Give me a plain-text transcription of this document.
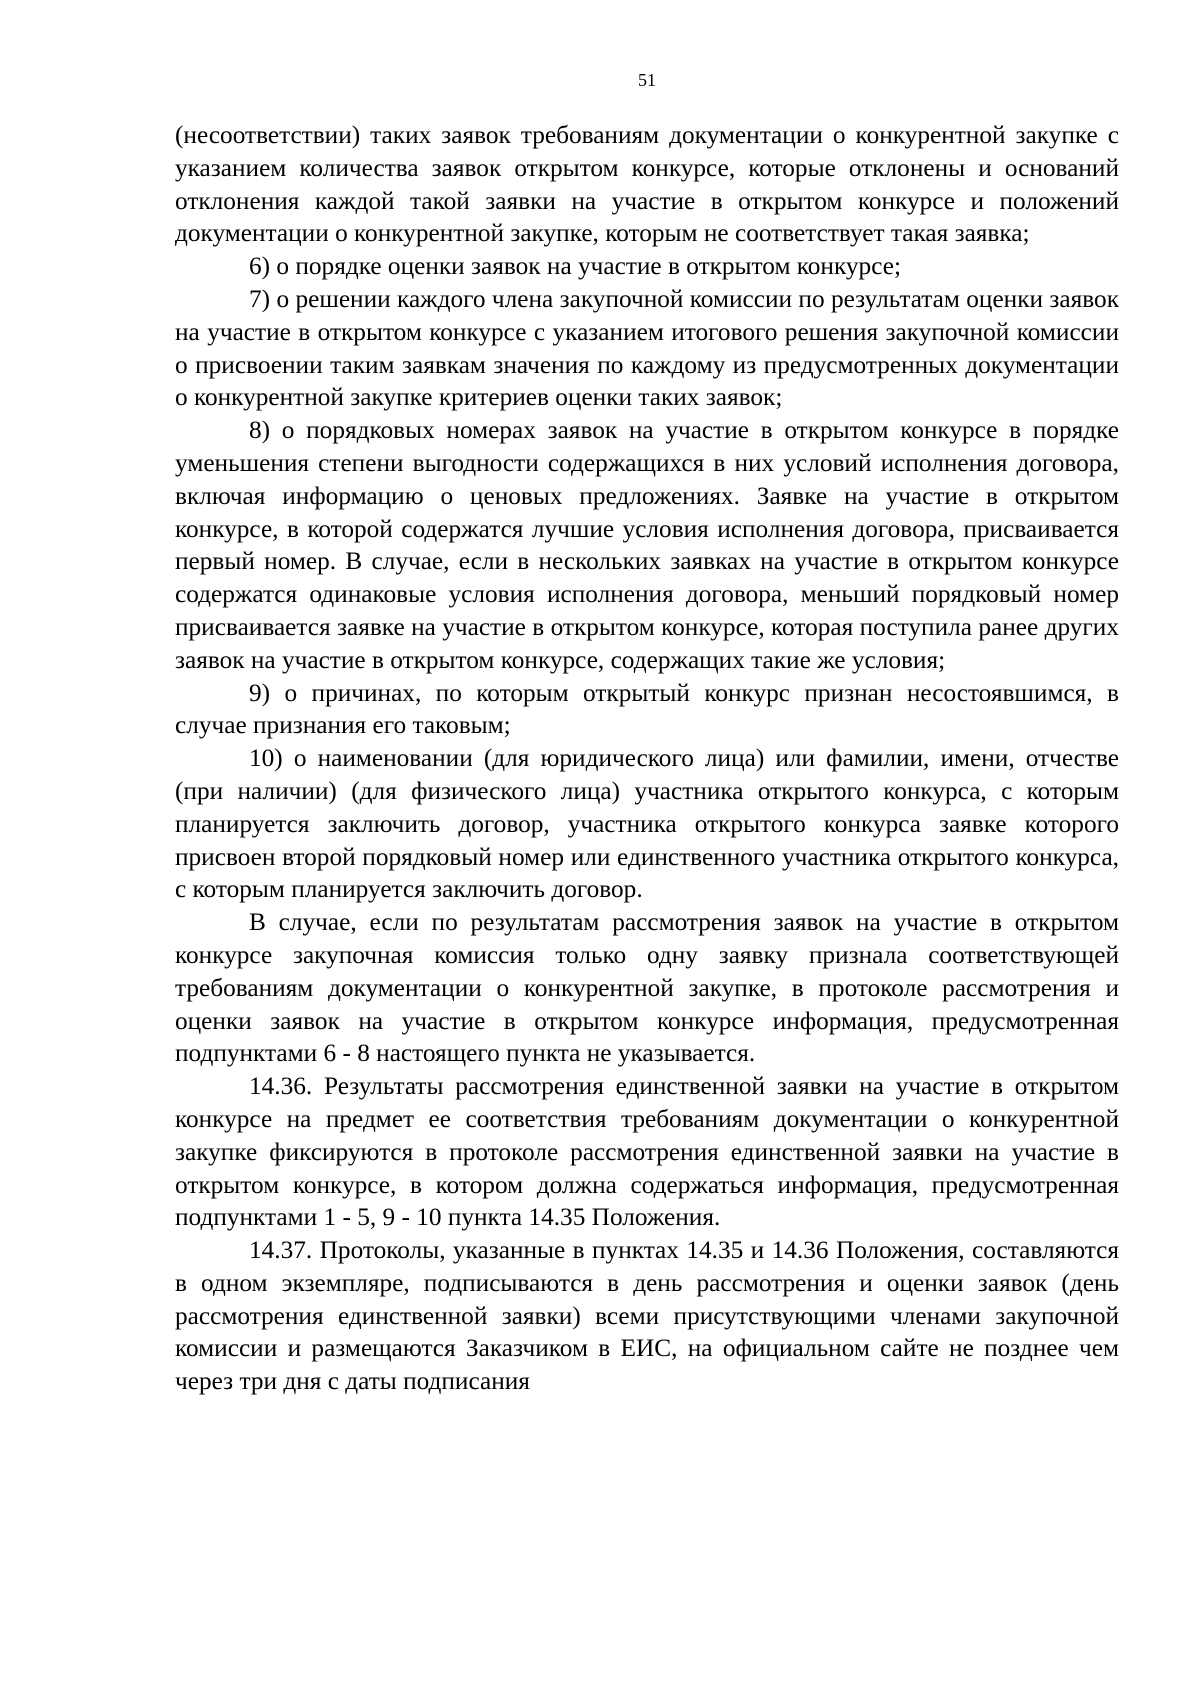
51

(несоответствии) таких заявок требованиям документации о конкурентной закупке с указанием количества заявок открытом конкурсе, которые отклонены и оснований отклонения каждой такой заявки на участие в открытом конкурсе и положений документации о конкурентной закупке, которым не соответствует такая заявка;

6) о порядке оценки заявок на участие в открытом конкурсе;

7) о решении каждого члена закупочной комиссии по результатам оценки заявок на участие в открытом конкурсе с указанием итогового решения закупочной комиссии о присвоении таким заявкам значения по каждому из предусмотренных документации о конкурентной закупке критериев оценки таких заявок;

8) о порядковых номерах заявок на участие в открытом конкурсе в порядке уменьшения степени выгодности содержащихся в них условий исполнения договора, включая информацию о ценовых предложениях. Заявке на участие в открытом конкурсе, в которой содержатся лучшие условия исполнения договора, присваивается первый номер. В случае, если в нескольких заявках на участие в открытом конкурсе содержатся одинаковые условия исполнения договора, меньший порядковый номер присваивается заявке на участие в открытом конкурсе, которая поступила ранее других заявок на участие в открытом конкурсе, содержащих такие же условия;

9) о причинах, по которым открытый конкурс признан несостоявшимся, в случае признания его таковым;

10) о наименовании (для юридического лица) или фамилии, имени, отчестве (при наличии) (для физического лица) участника открытого конкурса, с которым планируется заключить договор, участника открытого конкурса заявке которого присвоен второй порядковый номер или единственного участника открытого конкурса, с которым планируется заключить договор.

В случае, если по результатам рассмотрения заявок на участие в открытом конкурсе закупочная комиссия только одну заявку признала соответствующей требованиям документации о конкурентной закупке, в протоколе рассмотрения и оценки заявок на участие в открытом конкурсе информация, предусмотренная подпунктами 6 - 8 настоящего пункта не указывается.

14.36. Результаты рассмотрения единственной заявки на участие в открытом конкурсе на предмет ее соответствия требованиям документации о конкурентной закупке фиксируются в протоколе рассмотрения единственной заявки на участие в открытом конкурсе, в котором должна содержаться информация, предусмотренная подпунктами 1 - 5, 9 - 10 пункта 14.35 Положения.

14.37. Протоколы, указанные в пунктах 14.35 и 14.36 Положения, составляются в одном экземпляре, подписываются в день рассмотрения и оценки заявок (день рассмотрения единственной заявки) всеми присутствующими членами закупочной комиссии и размещаются Заказчиком в ЕИС, на официальном сайте не позднее чем через три дня с даты подписания
